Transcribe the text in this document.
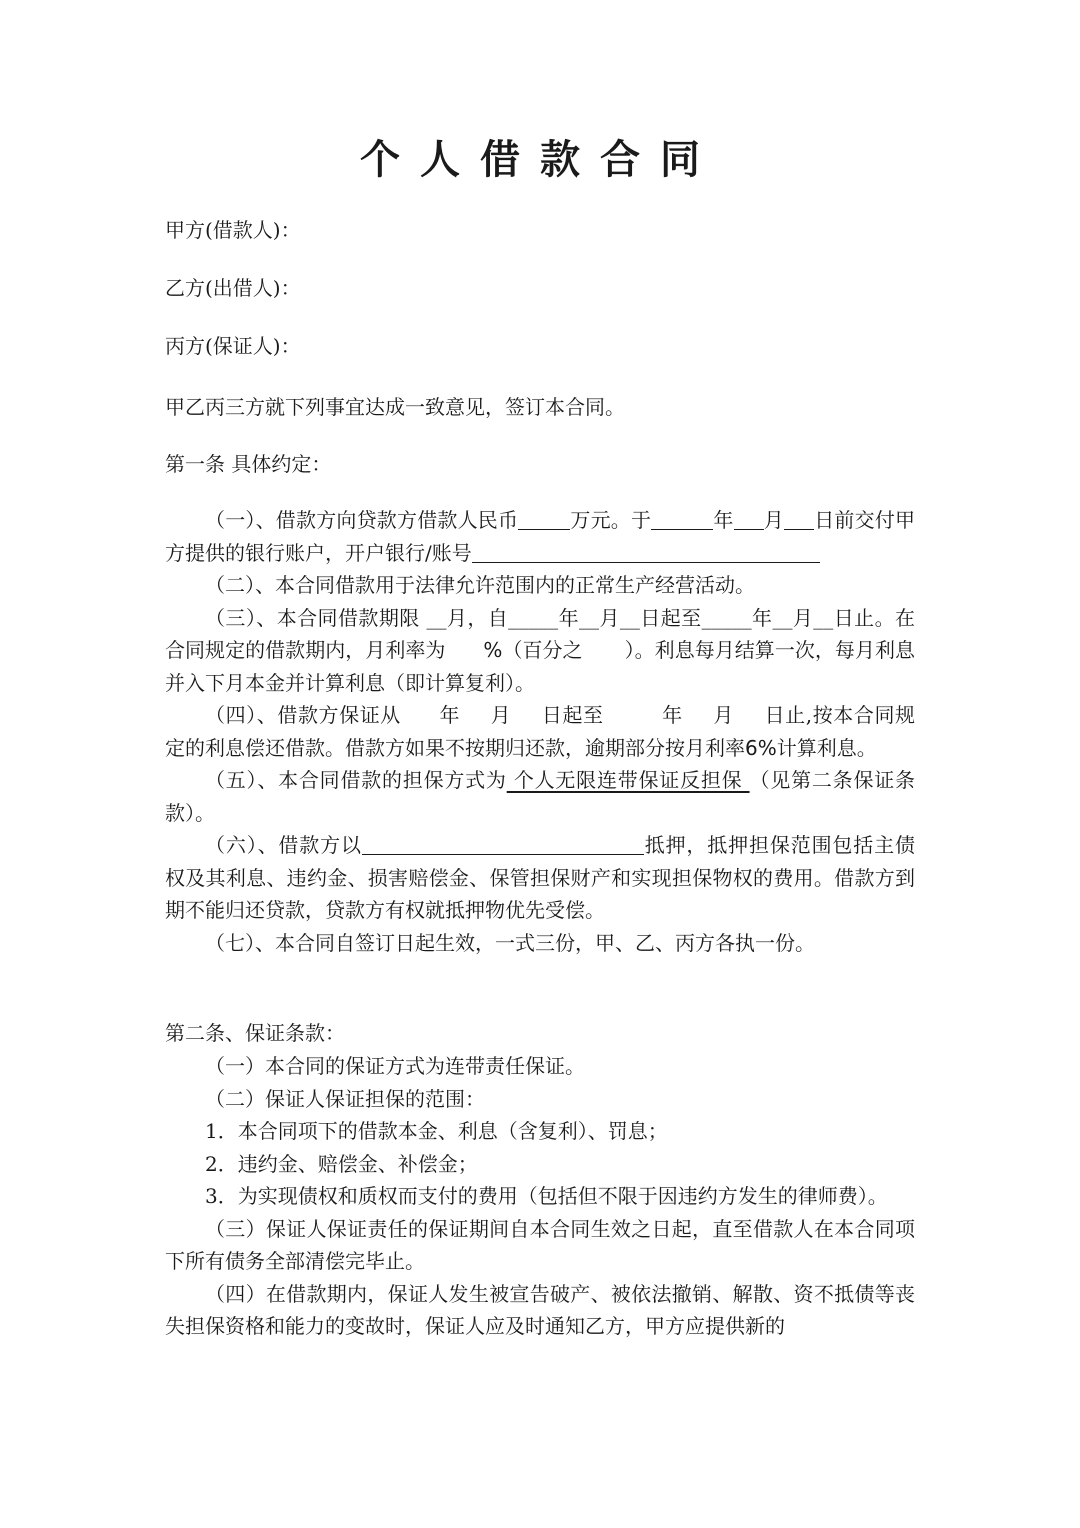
个人借款合同
甲方(借款人)：
乙方(出借人)：
丙方(保证人)：
甲乙丙三方就下列事宜达成一致意见，签订本合同。
第一条 具体约定：

（一）、借款方向贷款方借款人民币	万元。于	年 月 日前交付甲方提供的银行账户，开户银行/账号

（二）、本合同借款用于法律允许范围内的正常生产经营活动。

（三）、本合同借款期限 __月，自_____年__月__日起至_____年__月__日止。在合同规定的借款期内，月利率为 %（百分之 ）。利息每月结算一次，每月利息并入下月本金并计算利息（即计算复利）。

（四）、借款方保证从 年 月 日起至	年 月 日止,按本合同规定的利息偿还借款。借款方如果不按期归还款，逾期部分按月利率6%计算利息。

（五）、本合同借款的担保方式为 个人无限连带保证反担保 （见第二条保证条款）。

（六）、借款方以	抵押，抵押担保范围包括主债权及其利息、违约金、损害赔偿金、保管担保财产和实现担保物权的费用。借款方到期不能归还贷款，贷款方有权就抵押物优先受偿。

（七）、本合同自签订日起生效，一式三份，甲、乙、丙方各执一份。

第二条、保证条款：

（一）本合同的保证方式为连带责任保证。

（二）保证人保证担保的范围：

1．本合同项下的借款本金、利息（含复利）、罚息；

2．违约金、赔偿金、补偿金；

3．为实现债权和质权而支付的费用（包括但不限于因违约方发生的律师费）。

（三）保证人保证责任的保证期间自本合同生效之日起，直至借款人在本合同项下所有债务全部清偿完毕止。

（四）在借款期内，保证人发生被宣告破产、被依法撤销、解散、资不抵债等丧失担保资格和能力的变故时，保证人应及时通知乙方，甲方应提供新的
